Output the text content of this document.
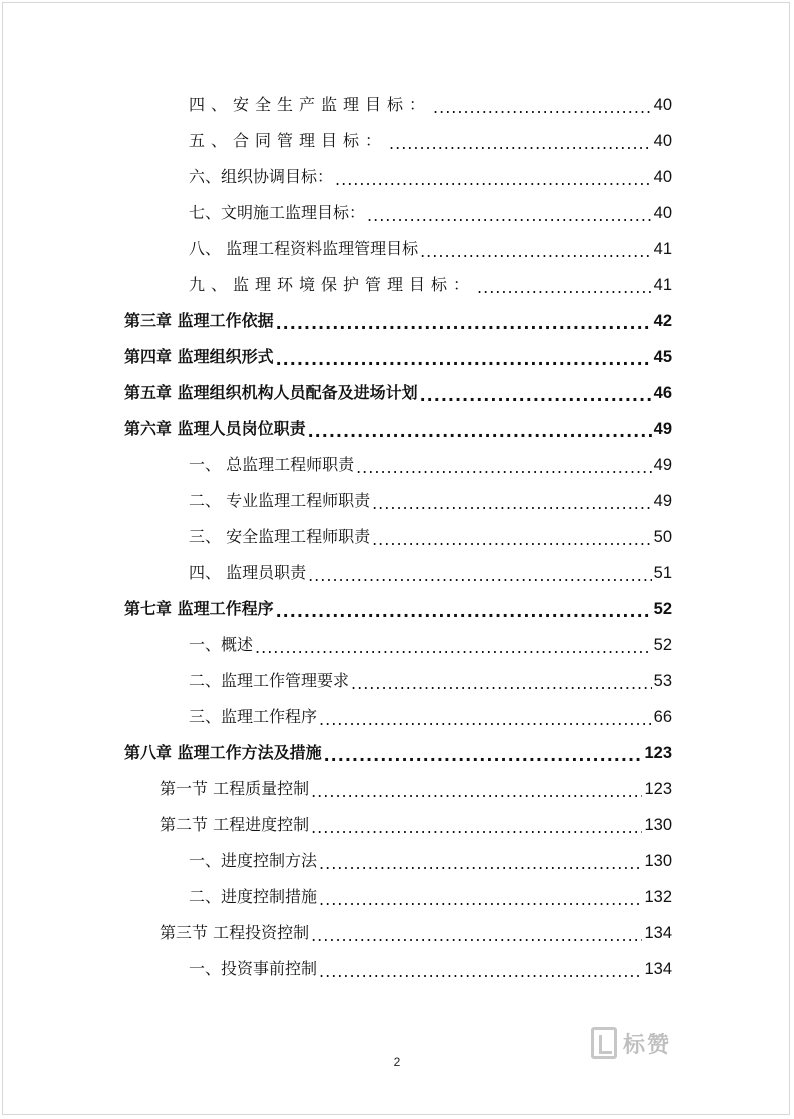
四、安全生产监理目标： .....	40
五、合同管理目标： .....	40
六、组织协调目标： .....	40
七、文明施工监理目标： .....	40
八、 监理工程资料监理管理目标 .....	41
九、监理环境保护管理目标： .....	41
第三章 监理工作依据 .....	42
第四章 监理组织形式 .....	45
第五章 监理组织机构人员配备及进场计划 .....	46
第六章 监理人员岗位职责 .....	49
一、 总监理工程师职责 .....	49
二、 专业监理工程师职责 .....	49
三、 安全监理工程师职责 .....	50
四、 监理员职责 .....	51
第七章 监理工作程序 .....	52
一、概述 .....	52
二、监理工作管理要求 .....	53
三、监理工作程序 .....	66
第八章 监理工作方法及措施 .....	123
第一节 工程质量控制 .....	123
第二节 工程进度控制 .....	130
一、进度控制方法 .....	130
二、进度控制措施 .....	132
第三节 工程投资控制 .....	134
一、投资事前控制 .....	134
2
标赞
